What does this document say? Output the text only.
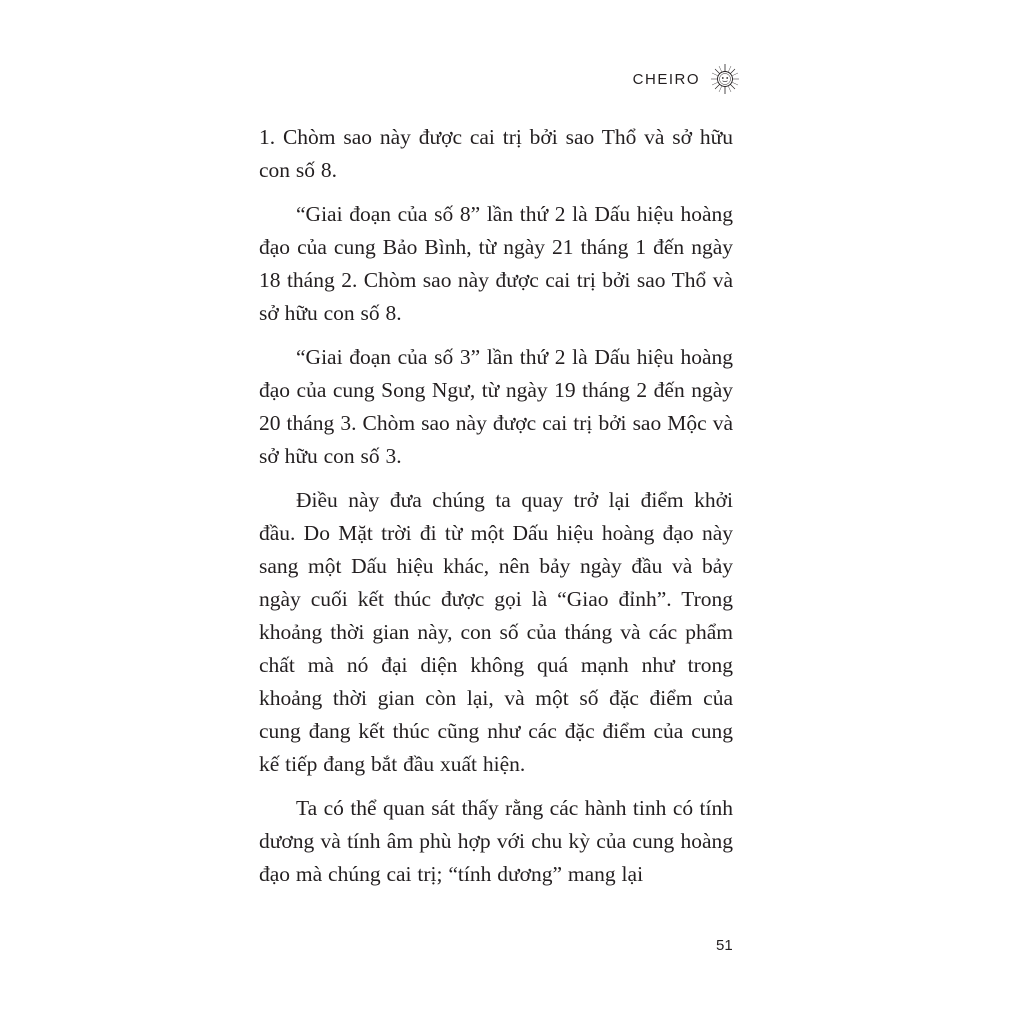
CHEIRO

1. Chòm sao này được cai trị bởi sao Thổ và sở hữu con số 8.

“Giai đoạn của số 8” lần thứ 2 là Dấu hiệu hoàng đạo của cung Bảo Bình, từ ngày 21 tháng 1 đến ngày 18 tháng 2. Chòm sao này được cai trị bởi sao Thổ và sở hữu con số 8.

“Giai đoạn của số 3” lần thứ 2 là Dấu hiệu hoàng đạo của cung Song Ngư, từ ngày 19 tháng 2 đến ngày 20 tháng 3. Chòm sao này được cai trị bởi sao Mộc và sở hữu con số 3.

Điều này đưa chúng ta quay trở lại điểm khởi đầu. Do Mặt trời đi từ một Dấu hiệu hoàng đạo này sang một Dấu hiệu khác, nên bảy ngày đầu và bảy ngày cuối kết thúc được gọi là “Giao đỉnh”. Trong khoảng thời gian này, con số của tháng và các phẩm chất mà nó đại diện không quá mạnh như trong khoảng thời gian còn lại, và một số đặc điểm của cung đang kết thúc cũng như các đặc điểm của cung kế tiếp đang bắt đầu xuất hiện.

Ta có thể quan sát thấy rằng các hành tinh có tính dương và tính âm phù hợp với chu kỳ của cung hoàng đạo mà chúng cai trị; “tính dương” mang lại

51
